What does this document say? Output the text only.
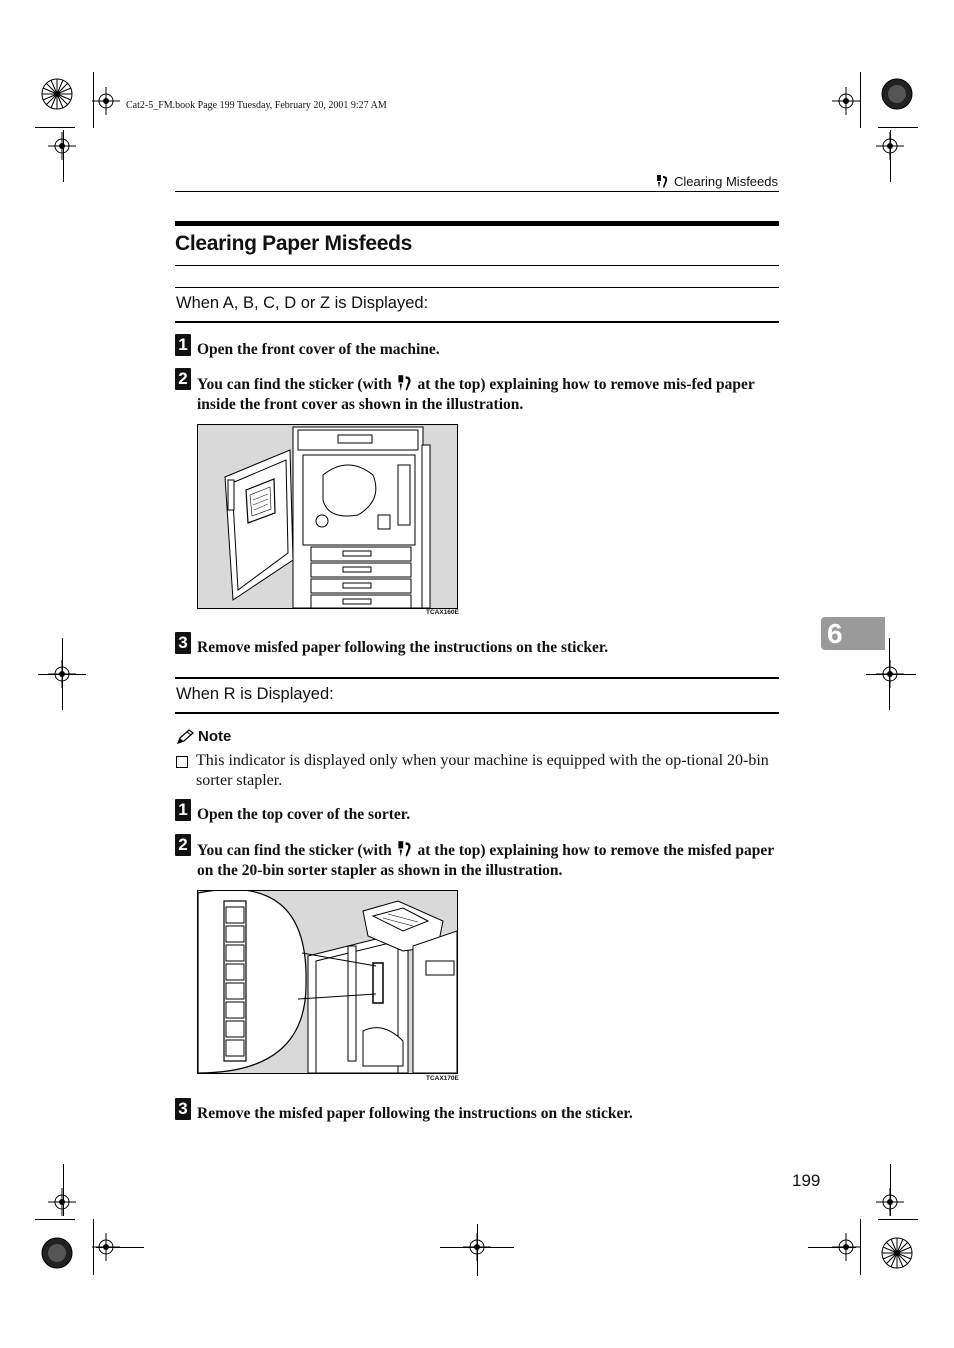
Cat2-5_FM.book Page 199 Tuesday, February 20, 2001 9:27 AM
Clearing Misfeeds
Clearing Paper Misfeeds
When A, B, C, D or Z is Displayed:
1 Open the front cover of the machine.
2 You can find the sticker (with  at the top) explaining how to remove mis-fed paper inside the front cover as shown in the illustration.
TCAX160E
3 Remove misfed paper following the instructions on the sticker.
When R is Displayed:
Note
This indicator is displayed only when your machine is equipped with the op-tional 20-bin sorter stapler.
1 Open the top cover of the sorter.
2 You can find the sticker (with  at the top) explaining how to remove the misfed paper on the 20-bin sorter stapler as shown in the illustration.
TCAX170E
3 Remove the misfed paper following the instructions on the sticker.
6
199
